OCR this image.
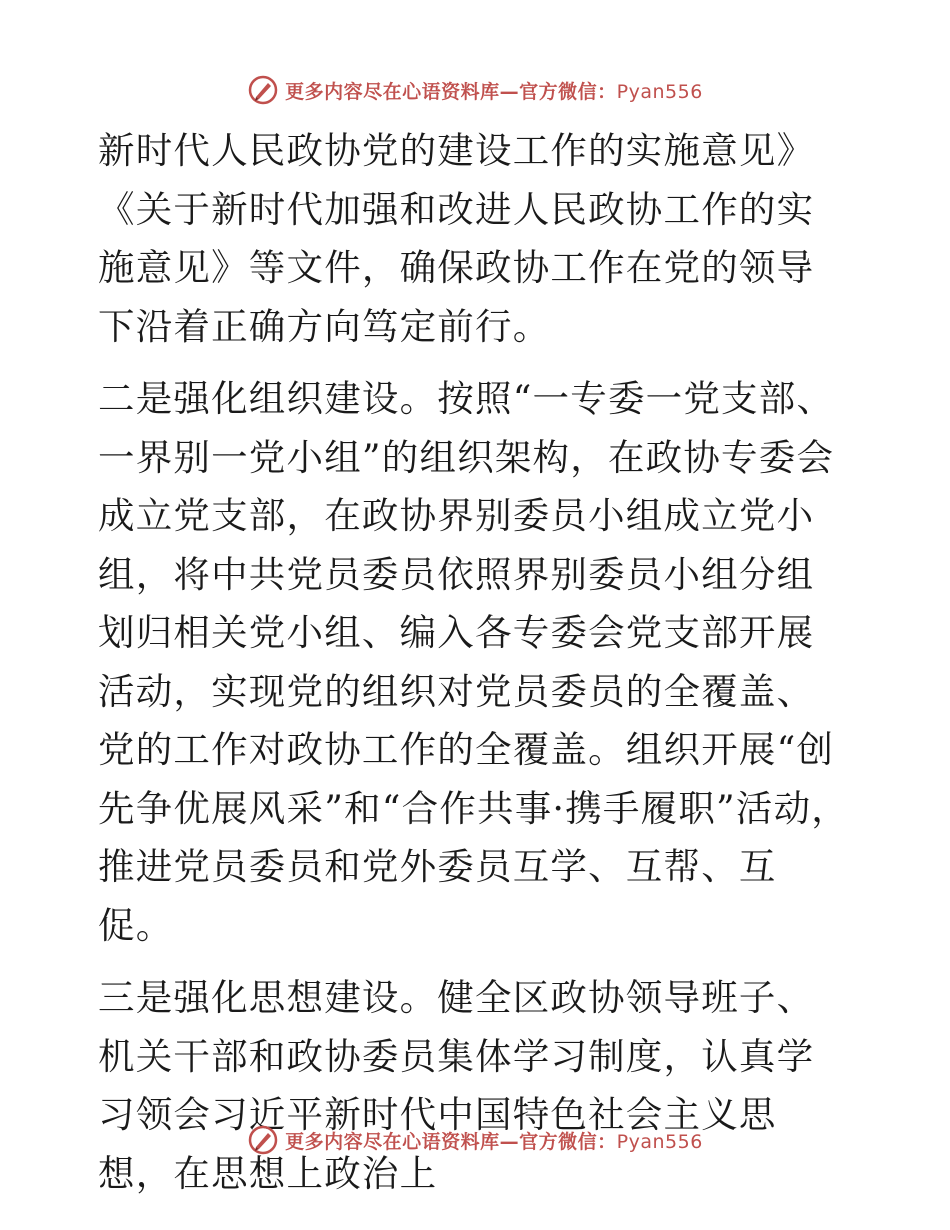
更多内容尽在心语资料库—官方微信：Pyan556

新时代人民政协党的建设工作的实施意见》《关于新时代加强和改进人民政协工作的实施意见》等文件，确保政协工作在党的领导下沿着正确方向笃定前行。

二是强化组织建设。按照“一专委一党支部、一界别一党小组”的组织架构，在政协专委会成立党支部，在政协界别委员小组成立党小组，将中共党员委员依照界别委员小组分组划归相关党小组、编入各专委会党支部开展活动，实现党的组织对党员委员的全覆盖、党的工作对政协工作的全覆盖。组织开展“创先争优展风采”和“合作共事·携手履职”活动，推进党员委员和党外委员互学、互帮、互促。

三是强化思想建设。健全区政协领导班子、机关干部和政协委员集体学习制度，认真学习领会习近平新时代中国特色社会主义思想，在思想上政治上

更多内容尽在心语资料库—官方微信：Pyan556
